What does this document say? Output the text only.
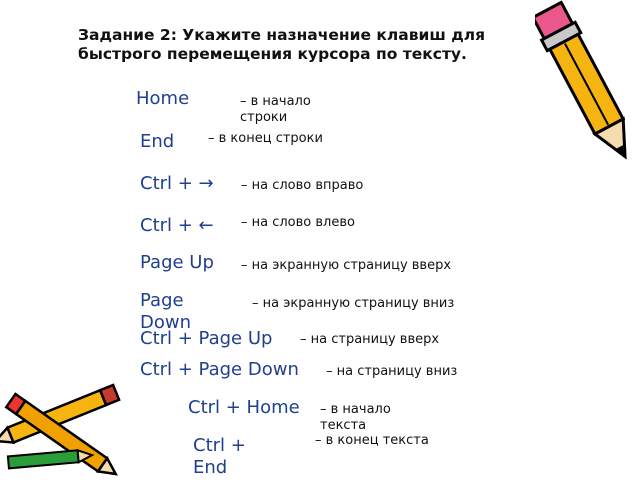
Задание 2: Укажите назначение клавиш для быстрого перемещения курсора по тексту.
Home	– в начало строки
End	– в конец строки
Ctrl + → – на слово вправо
Ctrl + ← – на слово влево
Page Up – на экранную страницу вверх
Page Down
– на экранную страницу вниз
Ctrl + Page Up – на страницу вверх
Ctrl + Page Down – на страницу вниз
Ctrl + Home – в начало текста
Ctrl + End
– в конец текста
